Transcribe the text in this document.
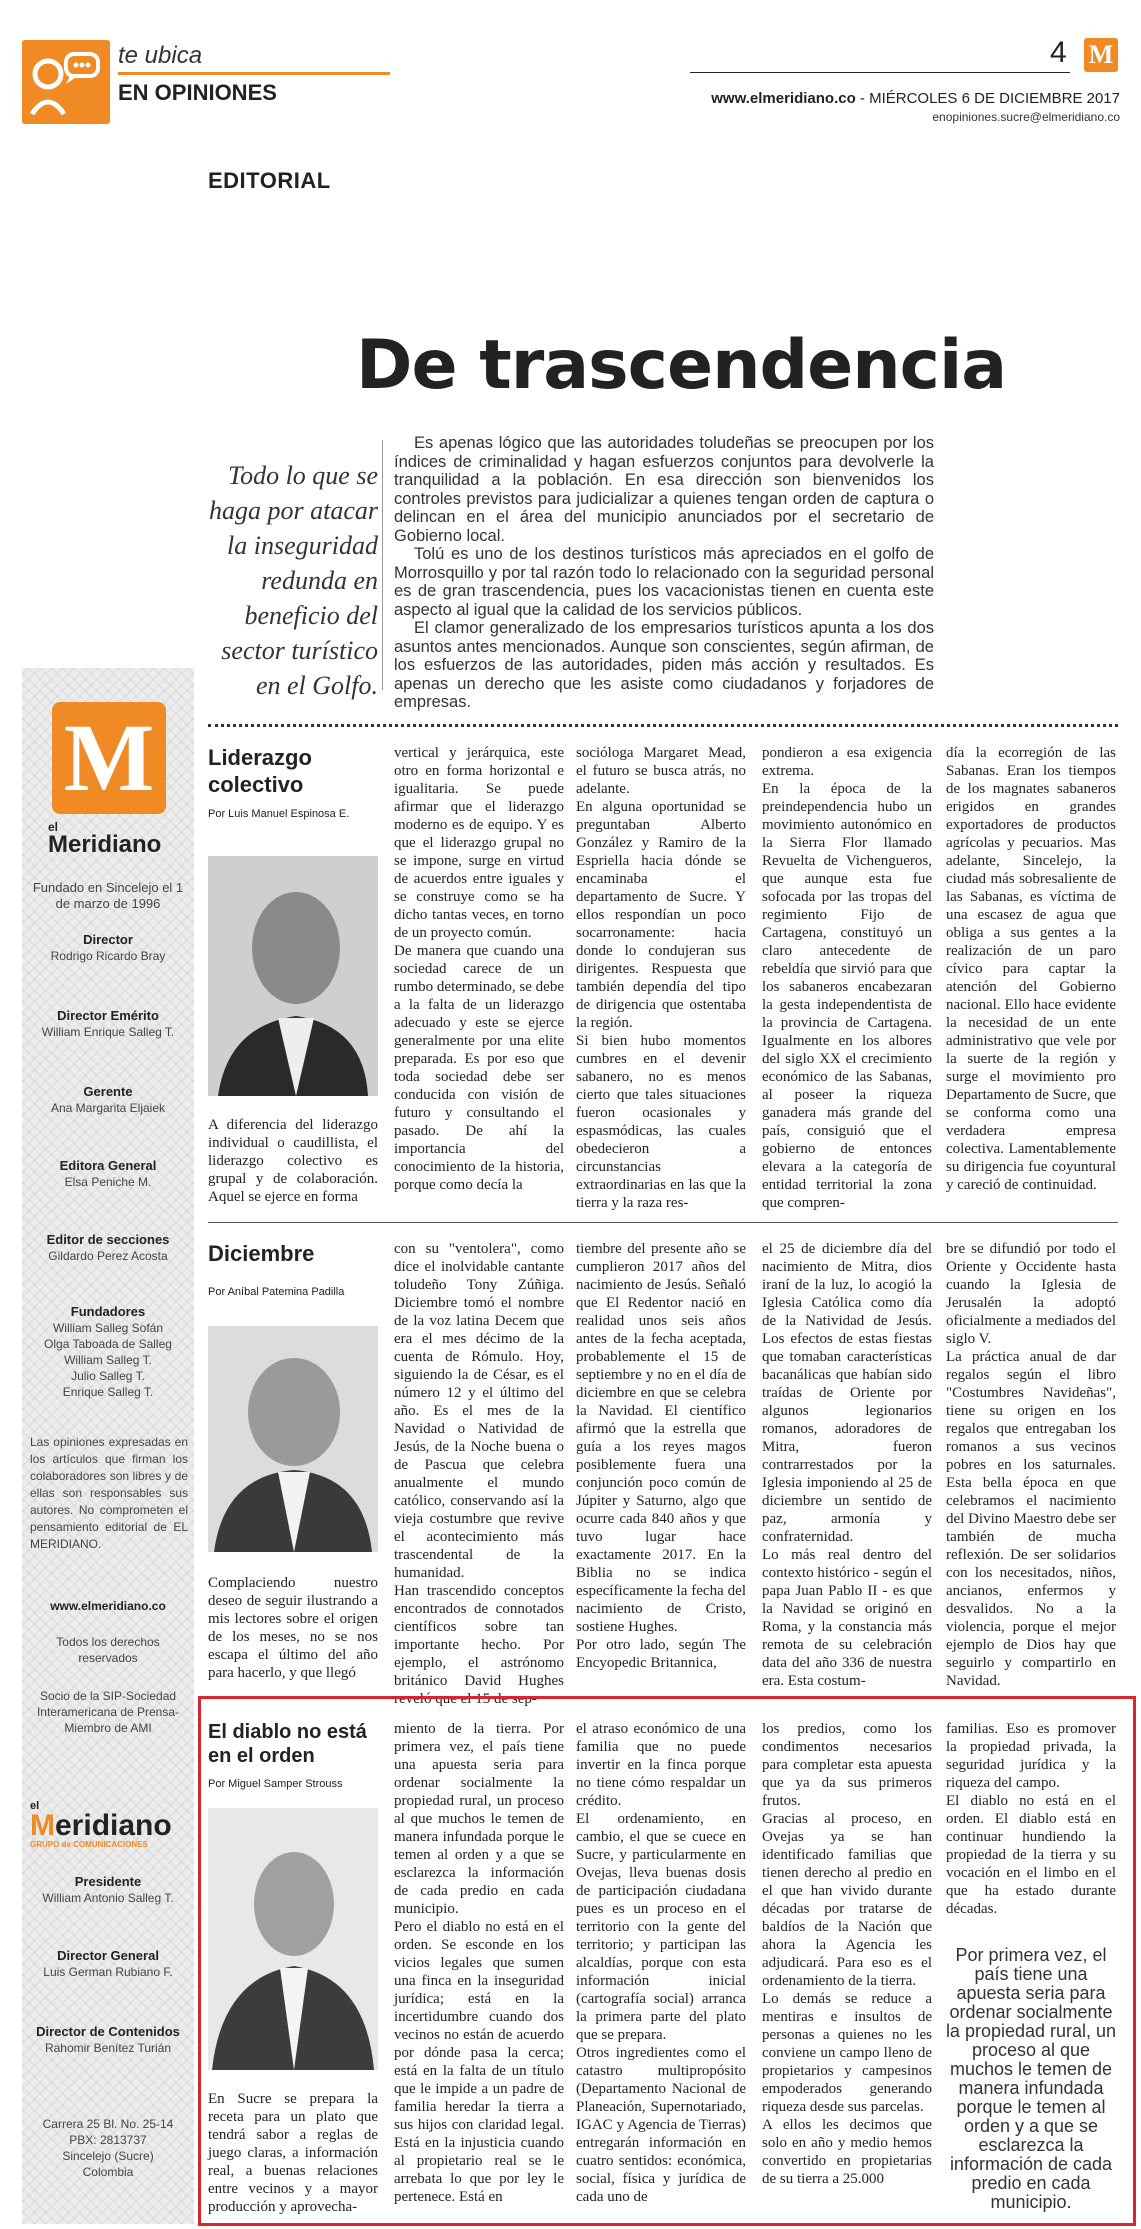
te ubica
EN OPINIONES
4 M
www.elmeridiano.co - MIÉRCOLES 6 DE DICIEMBRE 2017
enopiniones.sucre@elmeridiano.co
EDITORIAL
De trascendencia
Todo lo que se haga por atacar la inseguridad redunda en beneficio del sector turístico en el Golfo.

Es apenas lógico que las autoridades toludeñas se preocupen por los índices de criminalidad y hagan esfuerzos conjuntos para devolverle la tranquilidad a la población. En esa dirección son bienvenidos los controles previstos para judicializar a quienes tengan orden de captura o delincan en el área del municipio anunciados por el secretario de Gobierno local.

Tolú es uno de los destinos turísticos más apreciados en el golfo de Morrosquillo y por tal razón todo lo relacionado con la seguridad personal es de gran trascendencia, pues los vacacionistas tienen en cuenta este aspecto al igual que la calidad de los servicios públicos.

El clamor generalizado de los empresarios turísticos apunta a los dos asuntos antes mencionados. Aunque son conscientes, según afirman, de los esfuerzos de las autoridades, piden más acción y resultados. Es apenas un derecho que les asiste como ciudadanos y forjadores de empresas.

M
el
Meridiano
Fundado en Sincelejo el 1 de marzo de 1996
Director
Rodrigo Ricardo Bray
Director Emérito
William Enrique Salleg T.
Gerente
Ana Margarita Eljaiek
Editora General
Elsa Peniche M.
Editor de secciones
Gildardo Perez Acosta
Fundadores
William Salleg Sofán
Olga Taboada de Salleg
William Salleg T.
Julio Salleg T.
Enrique Salleg T.
Las opiniones expresadas en los artículos que firman los colaboradores son libres y de ellas son responsables sus autores. No comprometen el pensamiento editorial de EL MERIDIANO.
www.elmeridiano.co
Todos los derechos reservados
Socio de la SIP-Sociedad Interamericana de Prensa-Miembro de AMI
el
Meridiano
GRUPO de COMUNICACIONES
Presidente
William Antonio Salleg T.
Director General
Luis German Rubiano F.
Director de Contenidos
Rahomir Benítez Turián
Carrera 25 Bl. No. 25-14
PBX: 2813737
Sincelejo (Sucre)
Colombia
Liderazgo colectivo
Por Luis Manuel Espinosa E.
A diferencia del liderazgo individual o caudillista, el liderazgo colectivo es grupal y de colaboración. Aquel se ejerce en forma
vertical y jerárquica, este otro en forma horizontal e igualitaria. Se puede afirmar que el liderazgo moderno es de equipo. Y es que el liderazgo grupal no se impone, surge en virtud de acuerdos entre iguales y se construye como se ha dicho tantas veces, en torno de un proyecto común.
De manera que cuando una sociedad carece de un rumbo determinado, se debe a la falta de un liderazgo adecuado y este se ejerce generalmente por una elite preparada. Es por eso que toda sociedad debe ser conducida con visión de futuro y consultando el pasado. De ahí la importancia del conocimiento de la historia, porque como decía la
socióloga Margaret Mead, el futuro se busca atrás, no adelante.
En alguna oportunidad se preguntaban Alberto González y Ramiro de la Espriella hacia dónde se encaminaba el departamento de Sucre. Y ellos respondían un poco socarronamente: hacia donde lo condujeran sus dirigentes. Respuesta que también dependía del tipo de dirigencia que ostentaba la región.
Si bien hubo momentos cumbres en el devenir sabanero, no es menos cierto que tales situaciones fueron ocasionales y espasmódicas, las cuales obedecieron a circunstancias extraordinarias en las que la tierra y la raza res-
pondieron a esa exigencia extrema.
En la época de la preindependencia hubo un movimiento autonómico en la Sierra Flor llamado Revuelta de Vichengueros, que aunque esta fue sofocada por las tropas del regimiento Fijo de Cartagena, constituyó un claro antecedente de rebeldía que sirvió para que los sabaneros encabezaran la gesta independentista de la provincia de Cartagena. Igualmente en los albores del siglo XX el crecimiento económico de las Sabanas, al poseer la riqueza ganadera más grande del país, consiguió que el gobierno de entonces elevara a la categoría de entidad territorial la zona que compren-
día la ecorregión de las Sabanas. Eran los tiempos de los magnates sabaneros erigidos en grandes exportadores de productos agrícolas y pecuarios. Mas adelante, Sincelejo, la ciudad más sobresaliente de las Sabanas, es víctima de una escasez de agua que obliga a sus gentes a la realización de un paro cívico para captar la atención del Gobierno nacional. Ello hace evidente la necesidad de un ente administrativo que vele por la suerte de la región y surge el movimiento pro Departamento de Sucre, que se conforma como una verdadera empresa colectiva. Lamentablemente su dirigencia fue coyuntural y careció de continuidad.
Diciembre
Por Aníbal Patemina Padilla
Complaciendo nuestro deseo de seguir ilustrando a mis lectores sobre el origen de los meses, no se nos escapa el último del año para hacerlo, y que llegó
con su "ventolera", como dice el inolvidable cantante toludeño Tony Zúñiga. Diciembre tomó el nombre de la voz latina Decem que era el mes décimo de la cuenta de Rómulo. Hoy, siguiendo la de César, es el número 12 y el último del año. Es el mes de la Navidad o Natividad de Jesús, de la Noche buena o de Pascua que celebra anualmente el mundo católico, conservando así la vieja costumbre que revive el acontecimiento más trascendental de la humanidad.
Han trascendido conceptos encontrados de connotados científicos sobre tan importante hecho. Por ejemplo, el astrónomo británico David Hughes reveló que el 15 de sep-
tiembre del presente año se cumplieron 2017 años del nacimiento de Jesús. Señaló que El Redentor nació en realidad unos seis años antes de la fecha aceptada, probablemente el 15 de septiembre y no en el día de diciembre en que se celebra la Navidad. El científico afirmó que la estrella que guía a los reyes magos posiblemente fuera una conjunción poco común de Júpiter y Saturno, algo que ocurre cada 840 años y que tuvo lugar hace exactamente 2017. En la Biblia no se indica específicamente la fecha del nacimiento de Cristo, sostiene Hughes.
Por otro lado, según The Encyopedic Britannica,
el 25 de diciembre día del nacimiento de Mitra, dios iraní de la luz, lo acogió la Iglesia Católica como día de la Natividad de Jesús. Los efectos de estas fiestas que tomaban características bacanálicas que habían sido traídas de Oriente por algunos legionarios romanos, adoradores de Mitra, fueron contrarrestados por la Iglesia imponiendo al 25 de diciembre un sentido de paz, armonía y confraternidad.
Lo más real dentro del contexto histórico - según el papa Juan Pablo II - es que la Navidad se originó en Roma, y la constancia más remota de su celebración data del año 336 de nuestra era. Esta costum-
bre se difundió por todo el Oriente y Occidente hasta cuando la Iglesia de Jerusalén la adoptó oficialmente a mediados del siglo V.
La práctica anual de dar regalos según el libro "Costumbres Navideñas", tiene su origen en los regalos que entregaban los romanos a sus vecinos pobres en los saturnales. Esta bella época en que celebramos el nacimiento del Divino Maestro debe ser también de mucha reflexión. De ser solidarios con los necesitados, niños, ancianos, enfermos y desvalidos. No a la violencia, porque el mejor ejemplo de Dios hay que seguirlo y compartirlo en Navidad.
El diablo no está en el orden
Por Miguel Samper Strouss
En Sucre se prepara la receta para un plato que tendrá sabor a reglas de juego claras, a información real, a buenas relaciones entre vecinos y a mayor producción y aprovecha-
miento de la tierra. Por primera vez, el país tiene una apuesta seria para ordenar socialmente la propiedad rural, un proceso al que muchos le temen de manera infundada porque le temen al orden y a que se esclarezca la información de cada predio en cada municipio.
Pero el diablo no está en el orden. Se esconde en los vicios legales que sumen una finca en la inseguridad jurídica; está en la incertidumbre cuando dos vecinos no están de acuerdo por dónde pasa la cerca; está en la falta de un título que le impide a un padre de familia heredar la tierra a sus hijos con claridad legal. Está en la injusticia cuando al propietario real se le arrebata lo que por ley le pertenece. Está en
el atraso económico de una familia que no puede invertir en la finca porque no tiene cómo respaldar un crédito.
El ordenamiento, en cambio, el que se cuece en Sucre, y particularmente en Ovejas, lleva buenas dosis de participación ciudadana pues es un proceso en el territorio con la gente del territorio; y participan las alcaldías, porque con esta información inicial (cartografía social) arranca la primera parte del plato que se prepara.
Otros ingredientes como el catastro multipropósito (Departamento Nacional de Planeación, Supernotariado, IGAC y Agencia de Tierras) entregarán información en cuatro sentidos: económica, social, física y jurídica de cada uno de
los predios, como los condimentos necesarios para completar esta apuesta que ya da sus primeros frutos.
Gracias al proceso, en Ovejas ya se han identificado familias que tienen derecho al predio en el que han vivido durante décadas por tratarse de baldíos de la Nación que ahora la Agencia les adjudicará. Para eso es el ordenamiento de la tierra.
Lo demás se reduce a mentiras e insultos de personas a quienes no les conviene un campo lleno de propietarios y campesinos empoderados generando riqueza desde sus parcelas.
A ellos les decimos que solo en año y medio hemos convertido en propietarias de su tierra a 25.000
familias. Eso es promover la propiedad privada, la seguridad jurídica y la riqueza del campo.
El diablo no está en el orden. El diablo está en continuar hundiendo la propiedad de la tierra y su vocación en el limbo en el que ha estado durante décadas.
Por primera vez, el país tiene una apuesta seria para ordenar socialmente la propiedad rural, un proceso al que muchos le temen de manera infundada porque le temen al orden y a que se esclarezca la información de cada predio en cada municipio.
